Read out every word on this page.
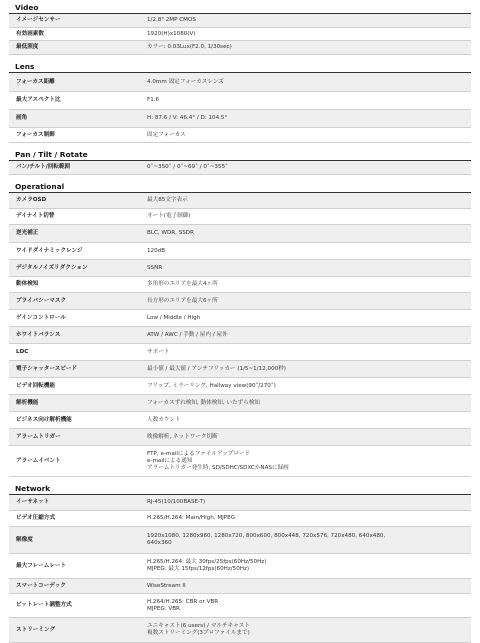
Video
イメージセンサー	1/2.8" 2MP CMOS
有効画素数	1920(H)x1080(V)
最低照度	カラー: 0.03Lux(F2.0, 1/30sec)
Lens
フォーカス距離	4.0mm 固定フォーカスレンズ
最大アスペクト比	F1.6
画角	H: 87.6 / V: 46.4° / D: 104.5°
フォーカス制御	固定フォーカス
Pan / Tilt / Rotate
パン/チルト/回転範囲	0˚~350˚ / 0˚~69˚ / 0˚~355˚
Operational
カメラOSD	最大85文字表示
デイナイト切替	オート(電子制御)
逆光補正	BLC, WDR, SSDR
ワイドダイナミックレンジ	120dB
デジタルノイズリダクション	SSNR
動体検知	多角形のエリアを最大4ヶ所
プライバシーマスク	長方形のエリアを最大6ヶ所
ゲインコントロール	Low / Middle / High
ホワイトバランス	ATW / AWC / 手動 / 屋内 / 屋外
LDC	サポート
電子シャッタースピード	最小値 / 最大値 / アンチフリッカー (1/5~1/12,000秒)
ビデオ回転機能	フリップ, ミラーリング, Hallway view(90˚/270˚)
解析機能	フォーカスずれ検知, 動体検知, いたずら検知
ビジネス向け解析機能	人数カウント
アラームトリガー	映像解析, ネットワーク切断
アラームイベント
FTP, e-mailによるファイルアップロード
e-mailによる通知
アラームトリガー発生時, SD/SDHC/SDXCかNASに録画
Network
イーサネット	RJ-45(10/100BASE-T)
ビデオ圧縮方式	H.265/H.264: Main/High, MJPEG
解像度
1920x1080, 1280x960, 1280x720, 800x600, 800x448, 720x576, 720x480, 640x480,
640x360
最大フレームレート
H.265/H.264: 最大 30fps/25fps(60Hz/50Hz)
MJPEG: 最大 15fps/12fps(60Hz/50Hz)
スマートコーデック	WiseStream II
ビットレート調整方式
H.264/H.265: CBR or VBR
MJPEG: VBR
ストリーミング
ユニキャスト(6 users) / マルチキャスト
複数ストリーミング(3プロファイルまで)
